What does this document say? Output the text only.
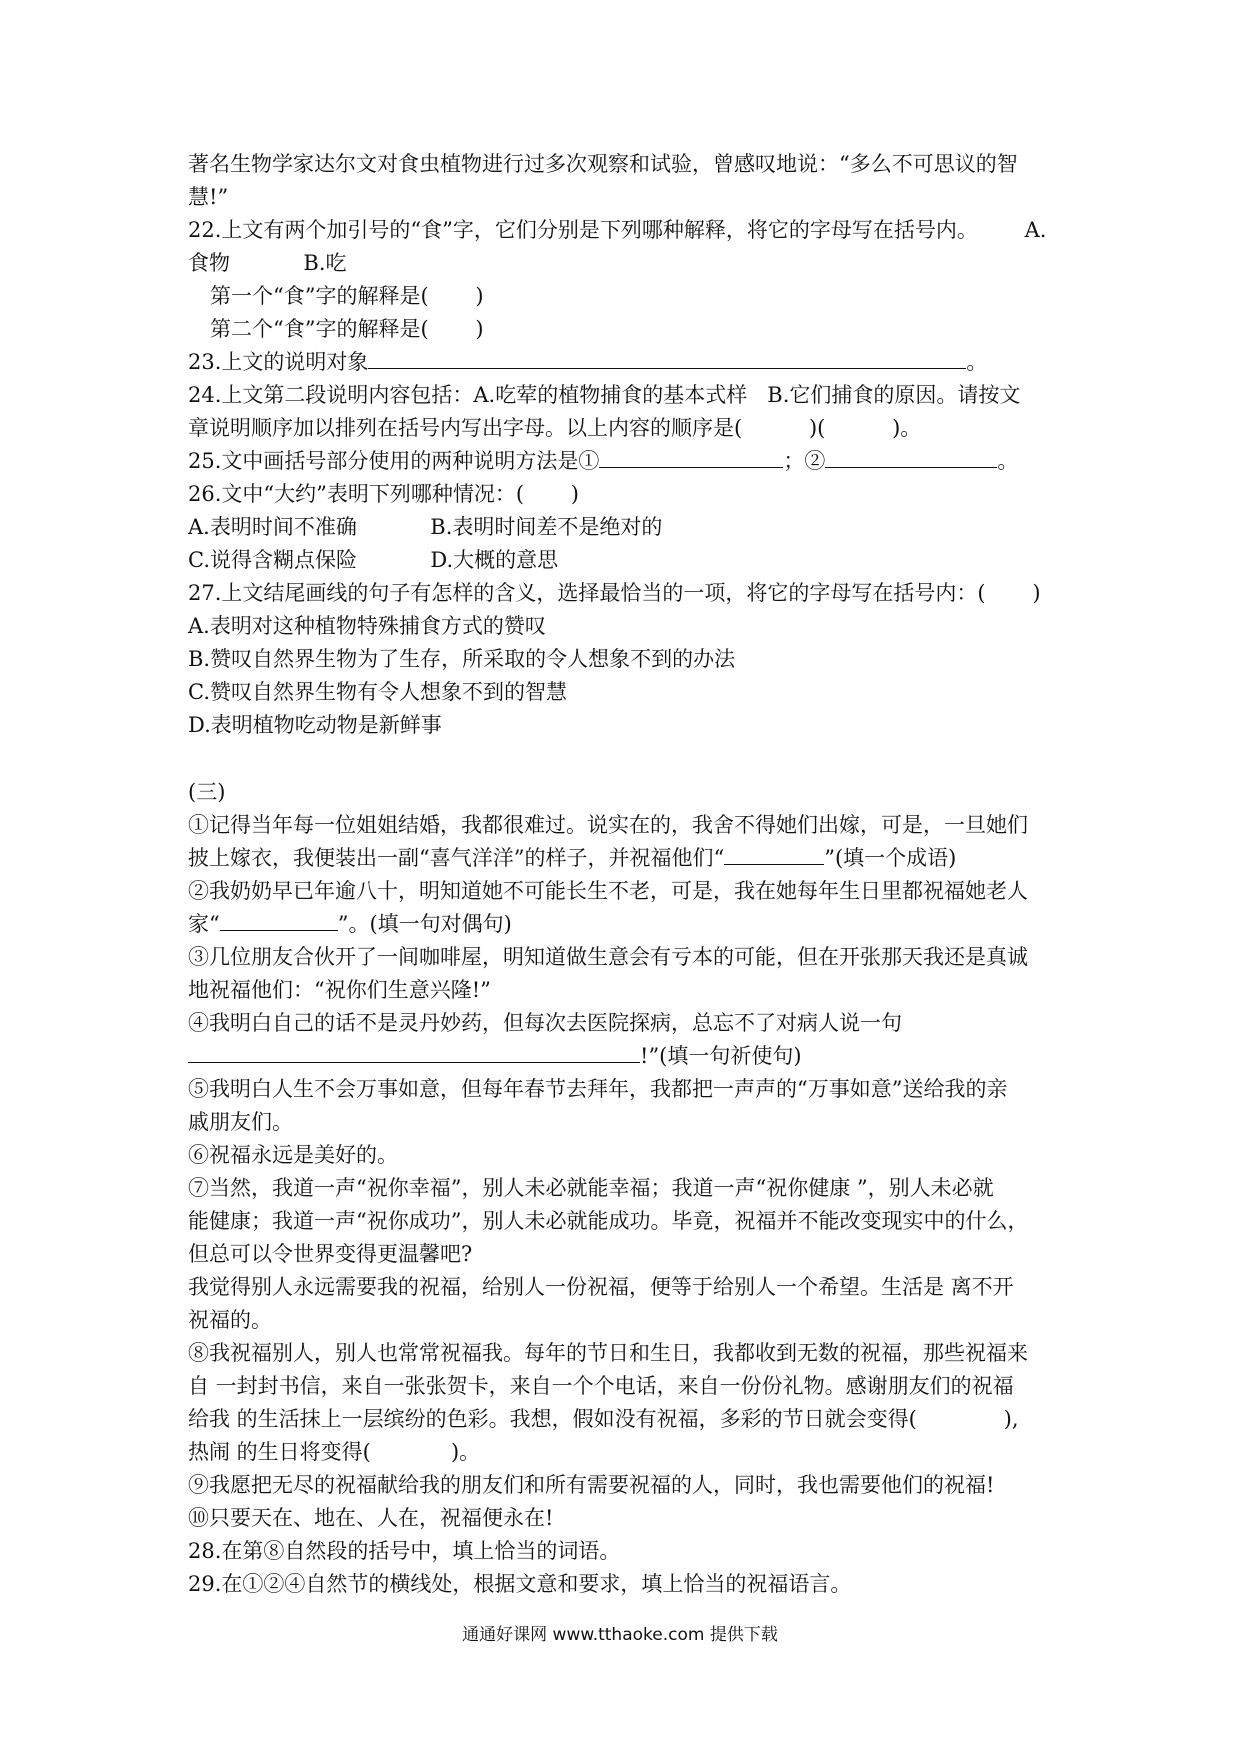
著名生物学家达尔文对食虫植物进行过多次观察和试验，曾感叹地说：“多么不可思议的智

慧!”

22.上文有两个加引号的“食”字，它们分别是下列哪种解释，将它的字母写在括号内。       A.

食物           B.吃

第一个“食”字的解释是(       )

第二个“食”字的解释是(       )

23.上文的说明对象	。

24.上文第二段说明内容包括：A.吃荤的植物捕食的基本式样   B.它们捕食的原因。请按文

章说明顺序加以排列在括号内写出字母。以上内容的顺序是(          )(          )。

25.文中画括号部分使用的两种说明方法是①	；②	。

26.文中“大约”表明下列哪种情况：(       )

A.表明时间不准确           B.表明时间差不是绝对的

C.说得含糊点保险           D.大概的意思

27.上文结尾画线的句子有怎样的含义，选择最恰当的一项，将它的字母写在括号内：(       )

A.表明对这种植物特殊捕食方式的赞叹

B.赞叹自然界生物为了生存，所采取的令人想象不到的办法

C.赞叹自然界生物有令人想象不到的智慧

D.表明植物吃动物是新鲜事

(三)

①记得当年每一位姐姐结婚，我都很难过。说实在的，我舍不得她们出嫁，可是，一旦她们

披上嫁衣，我便装出一副“喜气洋洋”的样子，并祝福他们“	”(填一个成语)

②我奶奶早已年逾八十，明知道她不可能长生不老，可是，我在她每年生日里都祝福她老人

家“	”。(填一句对偶句)

③几位朋友合伙开了一间咖啡屋，明知道做生意会有亏本的可能，但在开张那天我还是真诚

地祝福他们：“祝你们生意兴隆!”

④我明白自己的话不是灵丹妙药，但每次去医院探病，总忘不了对病人说一句

!”(填一句祈使句)

⑤我明白人生不会万事如意，但每年春节去拜年，我都把一声声的“万事如意”送给我的亲

戚朋友们。

⑥祝福永远是美好的。

⑦当然，我道一声“祝你幸福”，别人未必就能幸福；我道一声“祝你健康 ”，别人未必就

能健康；我道一声“祝你成功”，别人未必就能成功。毕竟，祝福并不能改变现实中的什么，

但总可以令世界变得更温馨吧?

我觉得别人永远需要我的祝福，给别人一份祝福，便等于给别人一个希望。生活是 离不开

祝福的。

⑧我祝福别人，别人也常常祝福我。每年的节日和生日，我都收到无数的祝福，那些祝福来

自 一封封书信，来自一张张贺卡，来自一个个电话，来自一份份礼物。感谢朋友们的祝福

给我 的生活抹上一层缤纷的色彩。我想，假如没有祝福，多彩的节日就会变得(             ),

热闹 的生日将变得(            )。

⑨我愿把无尽的祝福献给我的朋友们和所有需要祝福的人，同时，我也需要他们的祝福!

⑩只要天在、地在、人在，祝福便永在!

28.在第⑧自然段的括号中，填上恰当的词语。

29.在①②④自然节的横线处，根据文意和要求，填上恰当的祝福语言。

通通好课网 www.tthaoke.com 提供下载
